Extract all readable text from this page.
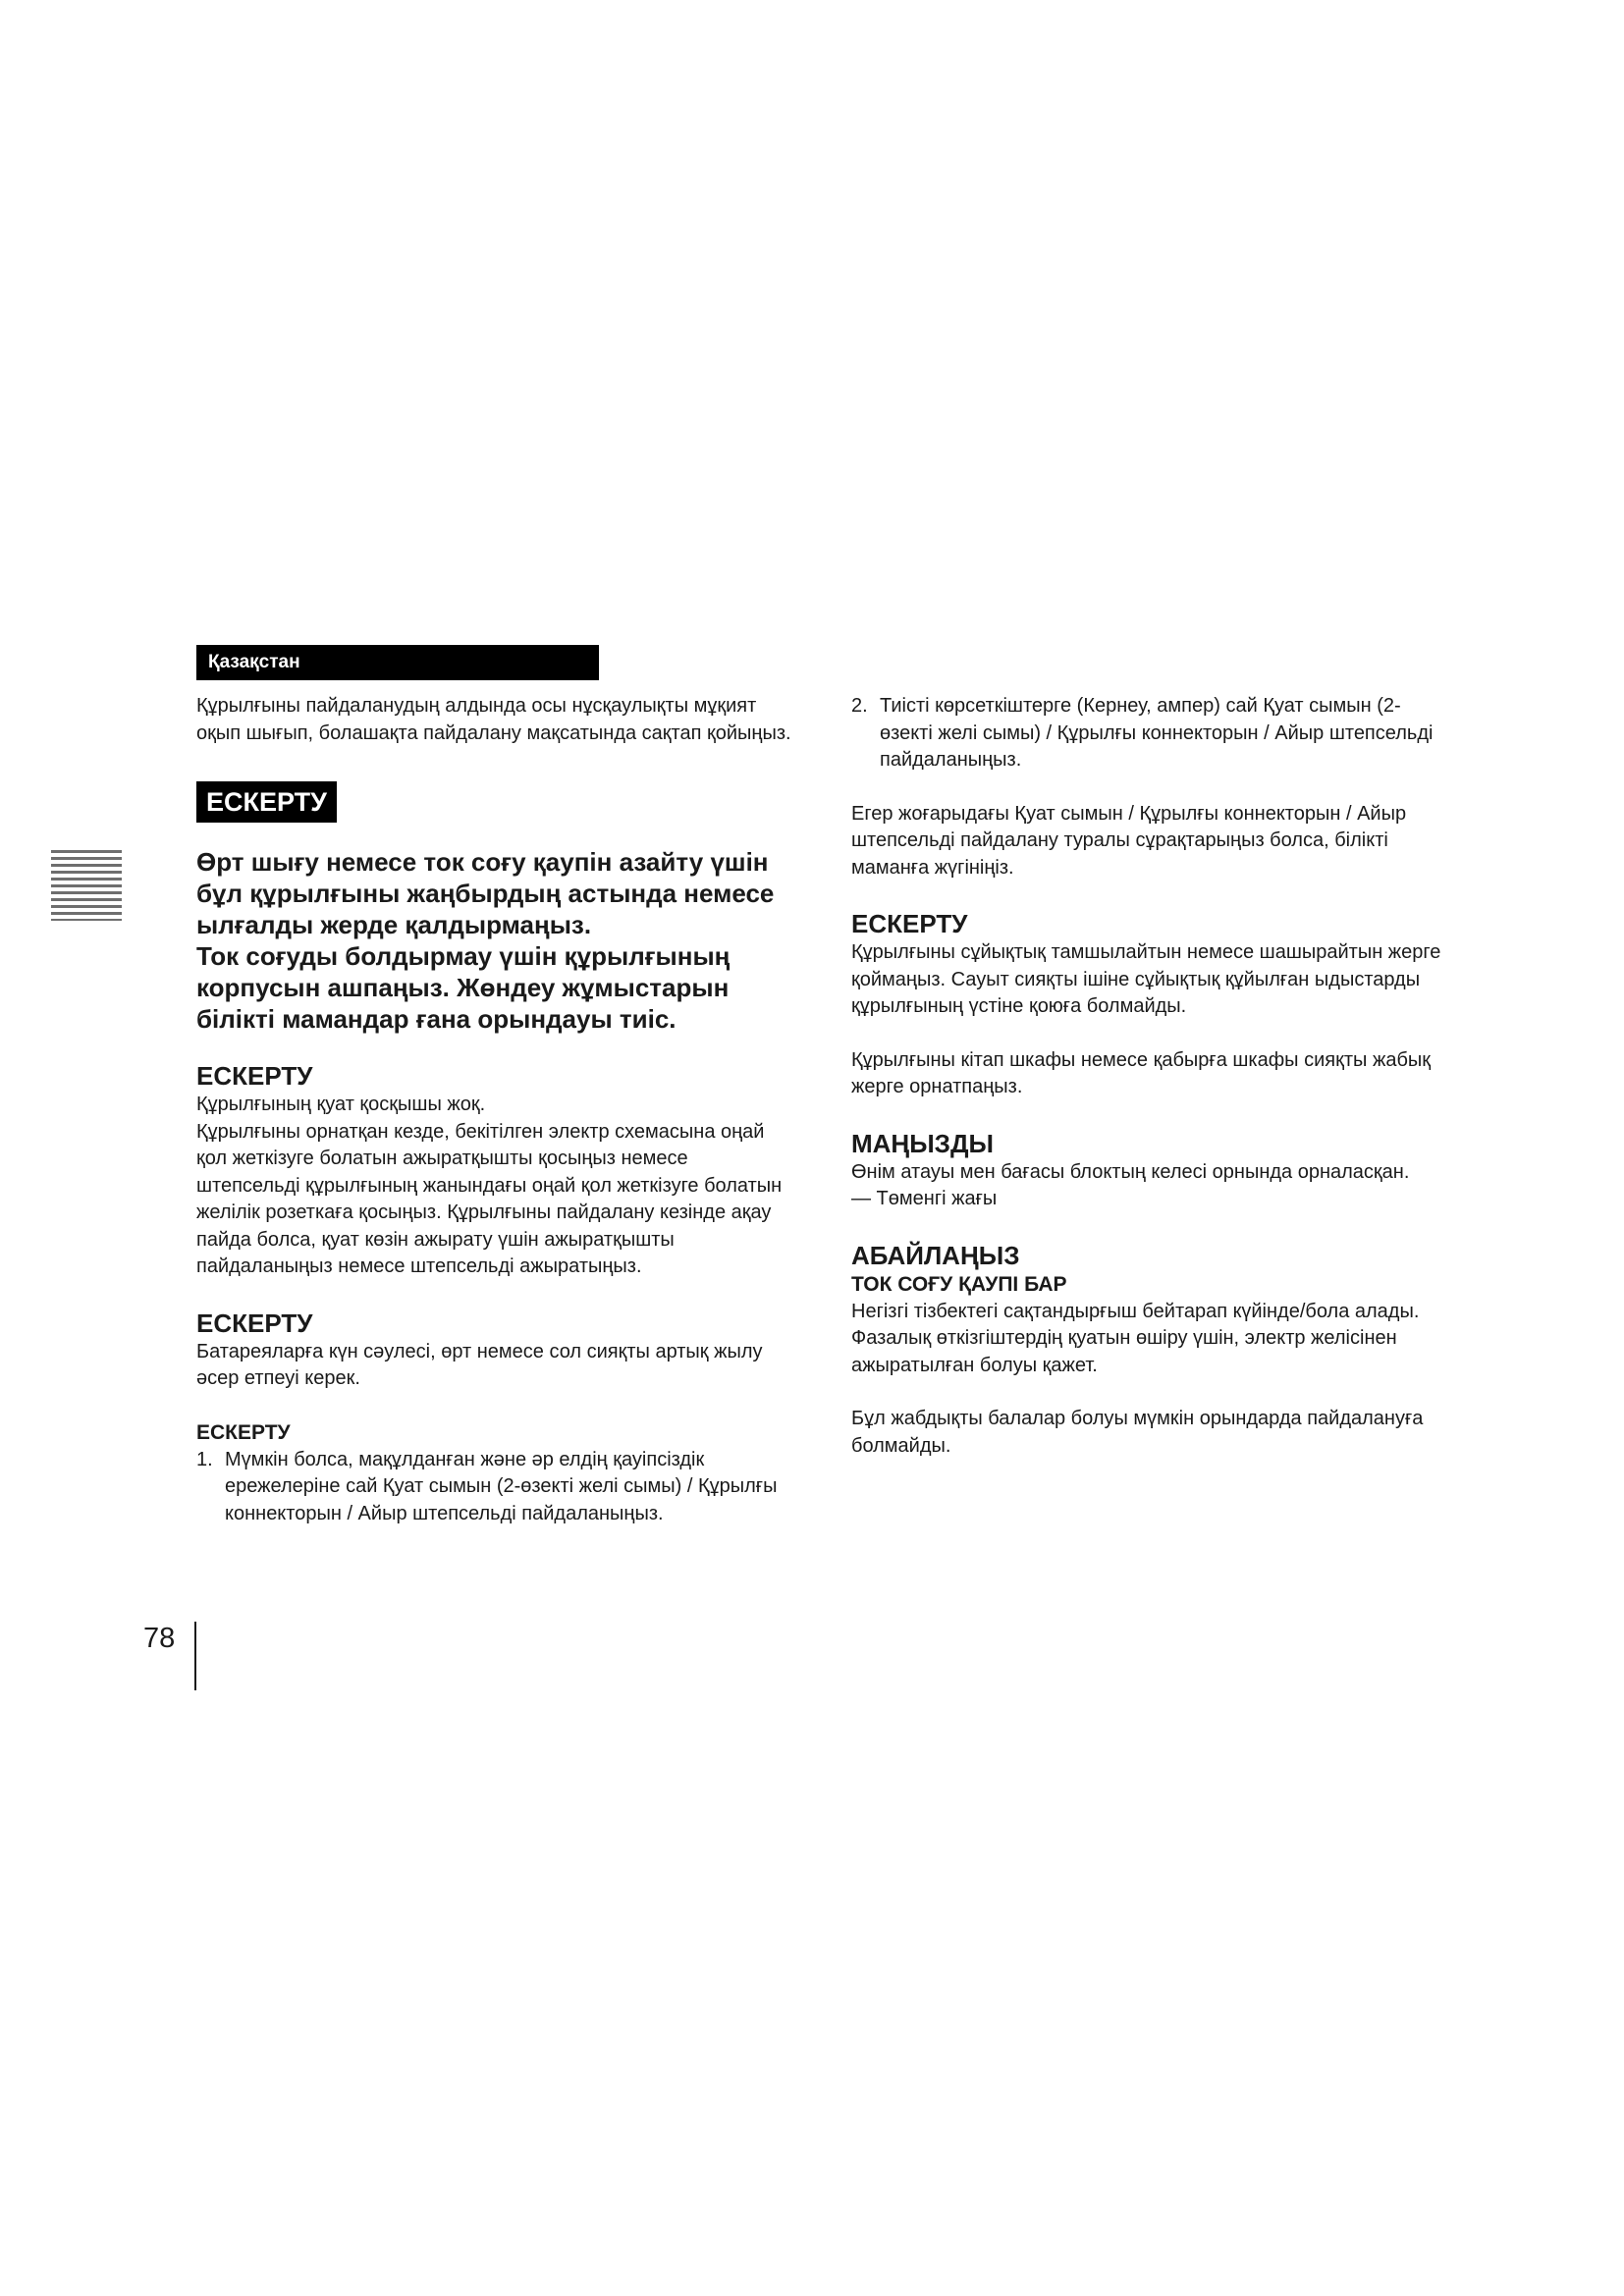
Қазақстан

Құрылғыны пайдаланудың алдында осы нұсқаулықты мұқият оқып шығып, болашақта пайдалану мақсатында сақтап қойыңыз.

ЕСКЕРТУ

Өрт шығу немесе ток соғу қаупін азайту үшін бұл құрылғыны жаңбырдың астында немесе ылғалды жерде қалдырмаңыз.

Ток соғуды болдырмау үшін құрылғының корпусын ашпаңыз. Жөндеу жұмыстарын білікті мамандар ғана орындауы тиіс.

ЕСКЕРТУ

Құрылғының қуат қосқышы жоқ.

Құрылғыны орнатқан кезде, бекітілген электр схемасына оңай қол жеткізуге болатын ажыратқышты қосыңыз немесе штепсельді құрылғының жанындағы оңай қол жеткізуге болатын желілік розеткаға қосыңыз. Құрылғыны пайдалану кезінде ақау пайда болса, қуат көзін ажырату үшін ажыратқышты пайдаланыңыз немесе штепсельді ажыратыңыз.

ЕСКЕРТУ

Батареяларға күн сәулесі, өрт немесе сол сияқты артық жылу әсер етпеуі керек.

ЕСКЕРТУ

1. Мүмкін болса, мақұлданған және әр елдің қауіпсіздік ережелеріне сай Қуат сымын (2-өзекті желі сымы) / Құрылғы коннекторын / Айыр штепсельді пайдаланыңыз.
2. Тиісті көрсеткіштерге (Кернеу, ампер) сай Қуат сымын (2-өзекті желі сымы) / Құрылғы коннекторын / Айыр штепсельді пайдаланыңыз.

Егер жоғарыдағы Қуат сымын / Құрылғы коннекторын / Айыр штепсельді пайдалану туралы сұрақтарыңыз болса, білікті маманға жүгініңіз.

ЕСКЕРТУ

Құрылғыны сұйықтық тамшылайтын немесе шашырайтын жерге қоймаңыз. Сауыт сияқты ішіне сұйықтық құйылған ыдыстарды құрылғының үстіне қоюға болмайды.

Құрылғыны кітап шкафы немесе қабырға шкафы сияқты жабық жерге орнатпаңыз.

МАҢЫЗДЫ

Өнім атауы мен бағасы блоктың келесі орнында орналасқан.

— Төменгі жағы

АБАЙЛАҢЫЗ

ТОК СОҒУ ҚАУПІ БАР

Негізгі тізбектегі сақтандырғыш бейтарап күйінде/бола алады.

Фазалық өткізгіштердің қуатын өшіру үшін, электр желісінен ажыратылған болуы қажет.

Бұл жабдықты балалар болуы мүмкін орындарда пайдалануға болмайды.

78
